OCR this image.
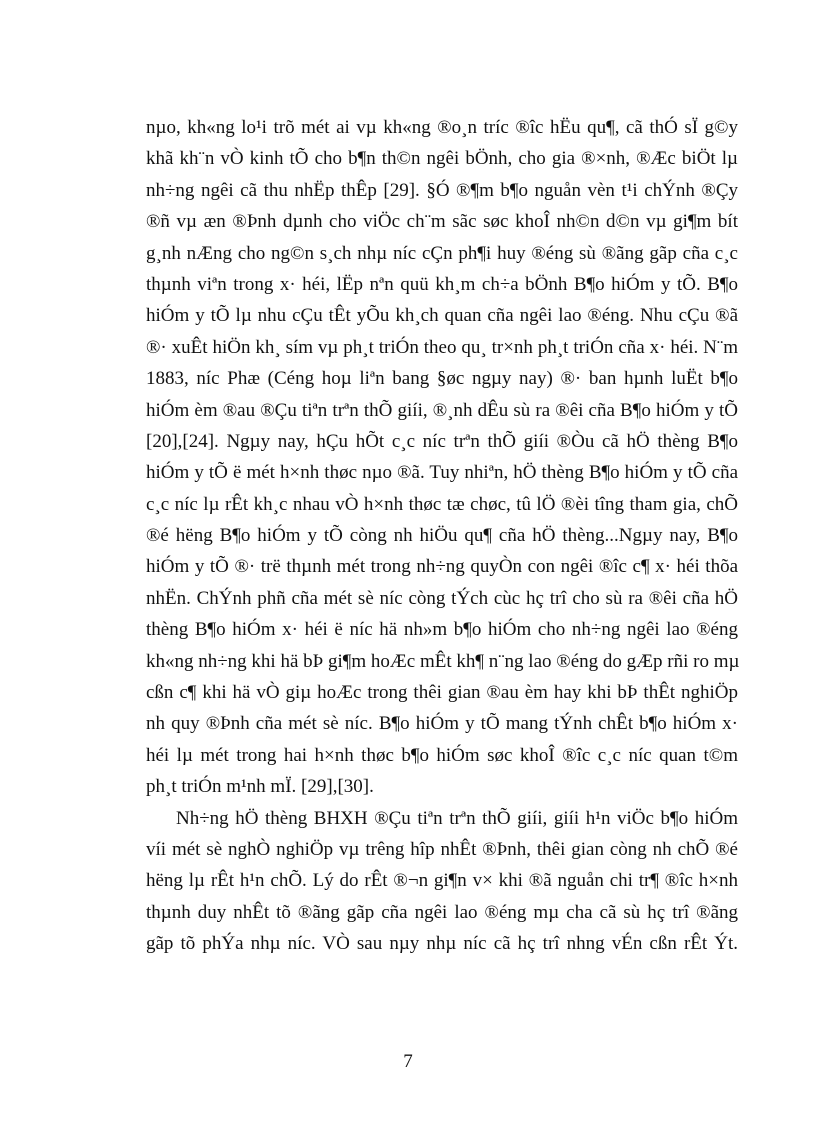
nµo, kh«ng lo¹i trõ mét ai vµ kh«ng ®o¸n tríc ®îc hËu qu¶, cã thÓ sÏ g©y
khã kh¨n vÒ kinh tÕ cho b¶n th©n ngêi bÖnh, cho gia ®×nh, ®Æc biÖt lµ
nh÷ng ngêi cã thu nhËp thÊp [29]. §Ó ®¶m b¶o nguån vèn t¹i chÝnh ®Çy
®ñ vµ æn ®Þnh dµnh cho viÖc ch¨m sãc søc khoÎ nh©n d©n vµ gi¶m bít
g¸nh nÆng cho ng©n s¸ch nhµ níc cÇn ph¶i huy ®éng sù ®ãng gãp cña c¸c
thµnh viªn trong x· héi, lËp nªn quü kh¸m ch÷a bÖnh B¶o hiÓm y tÕ. B¶o
hiÓm y tÕ lµ nhu cÇu tÊt yÕu kh¸ch quan cña ngêi lao ®éng. Nhu cÇu ®ã
®· xuÊt hiÖn kh¸ sím vµ ph¸t triÓn theo qu¸ tr×nh ph¸t triÓn cña x· héi. N¨m
1883, níc Phæ (Céng hoµ liªn bang §øc ngµy nay) ®· ban hµnh luËt b¶o
hiÓm èm ®au ®Çu tiªn trªn thÕ giíi, ®¸nh dÊu sù ra ®êi cña B¶o hiÓm y tÕ
[20],[24]. Ngµy nay, hÇu hÕt c¸c níc trªn thÕ giíi ®Òu cã hÖ thèng B¶o
hiÓm y tÕ ë mét h×nh thøc nµo ®ã. Tuy nhiªn, hÖ thèng B¶o hiÓm y tÕ cña
c¸c níc lµ rÊt kh¸c nhau vÒ h×nh thøc tæ chøc, tû lÖ ®èi tîng tham gia, chÕ
®é hëng B¶o hiÓm y tÕ còng nh hiÖu qu¶ cña hÖ thèng...Ngµy nay, B¶o
hiÓm y tÕ ®· trë thµnh mét trong nh÷ng quyÒn con ngêi ®îc c¶ x· héi thõa
nhËn. ChÝnh phñ cña mét sè níc còng tÝch cùc hç trî cho sù ra ®êi cña hÖ
thèng B¶o hiÓm x· héi ë níc hä nh»m b¶o hiÓm cho nh÷ng ngêi lao ®éng
kh«ng nh÷ng khi hä bÞ gi¶m hoÆc mÊt kh¶ n¨ng lao ®éng do gÆp rñi ro mµ
cßn c¶ khi hä vÒ giµ hoÆc trong thêi gian ®au èm hay khi bÞ thÊt nghiÖp
nh quy ®Þnh cña mét sè níc. B¶o hiÓm y tÕ mang tÝnh chÊt b¶o hiÓm x·
héi lµ mét trong hai h×nh thøc b¶o hiÓm søc khoÎ ®îc c¸c níc quan t©m
ph¸t triÓn m¹nh mÏ. [29],[30].
Nh÷ng hÖ thèng BHXH ®Çu tiªn trªn thÕ giíi, giíi h¹n viÖc b¶o hiÓm
víi mét sè nghÒ nghiÖp vµ trêng hîp nhÊt ®Þnh, thêi gian còng nh chÕ ®é
hëng lµ rÊt h¹n chÕ. Lý do rÊt ®¬n gi¶n v× khi ®ã nguån chi tr¶ ®îc h×nh
thµnh duy nhÊt tõ ®ãng gãp cña ngêi lao ®éng mµ cha cã sù hç trî ®ãng
gãp tõ phÝa nhµ níc. VÒ sau nµy nhµ níc cã hç trî nhng vÉn cßn rÊt Ýt.
7
